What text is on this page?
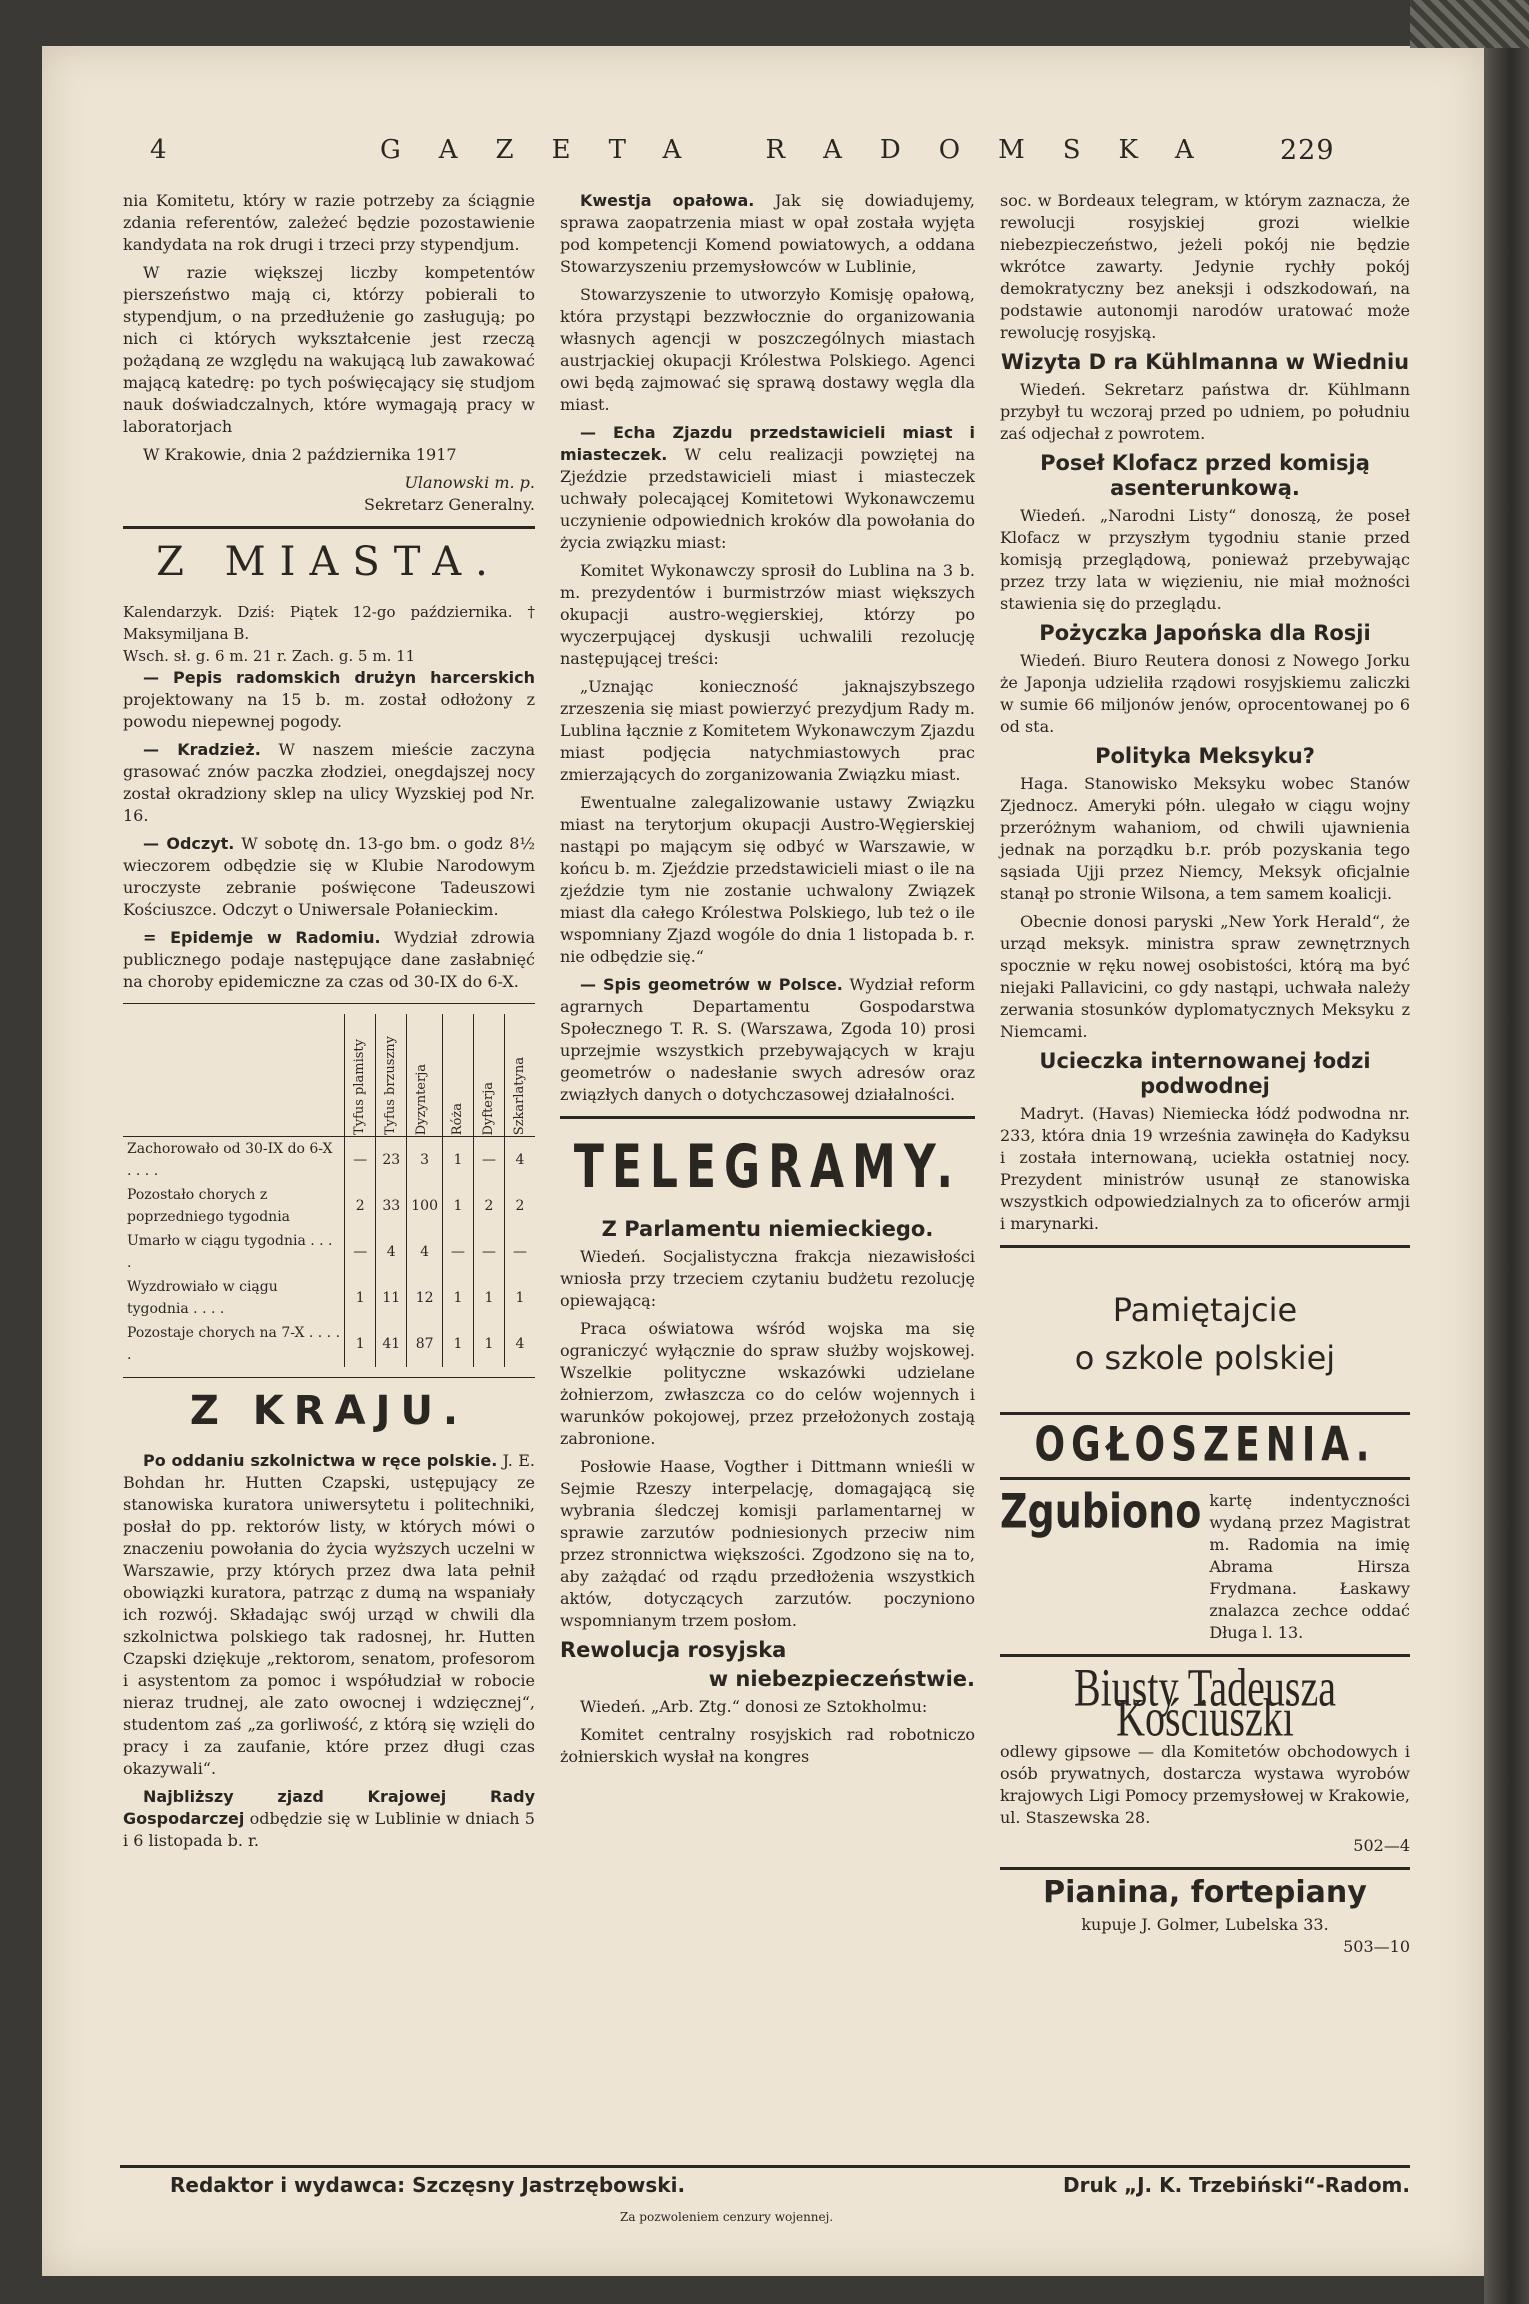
4	GAZETA RADOMSKA 229

nia Komitetu, który w razie potrzeby za ściągnie zdania referentów, zależeć będzie pozostawienie kandydata na rok drugi i trzeci przy stypendjum.

W razie większej liczby kompetentów pierszeństwo mają ci, którzy pobierali to stypendjum, o na przedłużenie go zasługują; po nich ci których wykształcenie jest rzeczą pożądaną ze względu na wakującą lub zawakować mającą katedrę: po tych poświęcający się studjom nauk doświadczalnych, które wymagają pracy w laboratorjach

W Krakowie, dnia 2 października 1917

Ulanowski m. p.
Sekretarz Generalny.
Z MIASTA.
Kalendarzyk. Dziś: Piątek 12-go października. † Maksymiljana B.
Wsch. sł. g. 6 m. 21 r. Zach. g. 5 m. 11

— Pepis radomskich drużyn harcerskich projektowany na 15 b. m. został odłożony z powodu niepewnej pogody.

— Kradzież. W naszem mieście zaczyna grasować znów paczka złodziei, onegdajszej nocy został okradziony sklep na ulicy Wyzskiej pod Nr. 16.

— Odczyt. W sobotę dn. 13-go bm. o godz 8½ wieczorem odbędzie się w Klubie Narodowym uroczyste zebranie poświęcone Tadeuszowi Kościuszce. Odczyt o Uniwersale Połanieckim.

= Epidemje w Radomiu. Wydział zdrowia publicznego podaje następujące dane zasłabnięć na choroby epidemiczne za czas od 30-IX do 6-X.

	Tyfus plamisty	Tyfus brzuszny	Dyzynterja	Róża	Dyfterja	Szkarlatyna

Zachorowało od 30-IX do 6-X . . . .	—	23	3	1	—	4
Pozostało chorych z poprzedniego tygodnia	2	33	100	1	2	2
Umarło w ciągu tygodnia . . . .	—	4	4	—	—	—
Wyzdrowiało w ciągu tygodnia . . . .	1	11	12	1	1	1
Pozostaje chorych na 7-X . . . . .	1	41	87	1	1	4
Z KRAJU.

Po oddaniu szkolnictwa w ręce polskie. J. E. Bohdan hr. Hutten Czapski, ustępujący ze stanowiska kuratora uniwersytetu i politechniki, posłał do pp. rektorów listy, w których mówi o znaczeniu powołania do życia wyższych uczelni w Warszawie, przy których przez dwa lata pełnił obowiązki kuratora, patrząc z dumą na wspaniały ich rozwój. Składając swój urząd w chwili dla szkolnictwa polskiego tak radosnej, hr. Hutten Czapski dziękuje „rektorom, senatom, profesorom i asystentom za pomoc i współudział w robocie nieraz trudnej, ale zato owocnej i wdzięcznej“, studentom zaś „za gorliwość, z którą się wzięli do pracy i za zaufanie, które przez długi czas okazywali“.

Najbliższy zjazd Krajowej Rady Gospodarczej odbędzie się w Lublinie w dniach 5 i 6 listopada b. r.

Kwestja opałowa. Jak się dowiadujemy, sprawa zaopatrzenia miast w opał została wyjęta pod kompetencji Komend powiatowych, a oddana Stowarzyszeniu przemysłowców w Lublinie,

Stowarzyszenie to utworzyło Komisję opałową, która przystąpi bezzwłocznie do organizowania własnych agencji w poszczególnych miastach austrjackiej okupacji Królestwa Polskiego. Agenci owi będą zajmować się sprawą dostawy węgla dla miast.

— Echa Zjazdu przedstawicieli miast i miasteczek. W celu realizacji powziętej na Zjeździe przedstawicieli miast i miasteczek uchwały polecającej Komitetowi Wykonawczemu uczynienie odpowiednich kroków dla powołania do życia związku miast:

Komitet Wykonawczy sprosił do Lublina na 3 b. m. prezydentów i burmistrzów miast większych okupacji austro-węgierskiej, którzy po wyczerpującej dyskusji uchwalili rezolucję następującej treści:

„Uznając konieczność jaknajszybszego zrzeszenia się miast powierzyć prezydjum Rady m. Lublina łącznie z Komitetem Wykonawczym Zjazdu miast podjęcia natychmiastowych prac zmierzających do zorganizowania Związku miast.

Ewentualne zalegalizowanie ustawy Związku miast na terytorjum okupacji Austro-Węgierskiej nastąpi po mającym się odbyć w Warszawie, w końcu b. m. Zjeździe przedstawicieli miast o ile na zjeździe tym nie zostanie uchwalony Związek miast dla całego Królestwa Polskiego, lub też o ile wspomniany Zjazd wogóle do dnia 1 listopada b. r. nie odbędzie się.“

— Spis geometrów w Polsce. Wydział reform agrarnych Departamentu Gospodarstwa Społecznego T. R. S. (Warszawa, Zgoda 10) prosi uprzejmie wszystkich przebywających w kraju geometrów o nadesłanie swych adresów oraz związłych danych o dotychczasowej działalności.

TELEGRAMY.
Z Parlamentu niemieckiego.

Wiedeń. Socjalistyczna frakcja niezawisłości wniosła przy trzeciem czytaniu budżetu rezolucję opiewającą:

Praca oświatowa wśród wojska ma się ograniczyć wyłącznie do spraw służby wojskowej. Wszelkie polityczne wskazówki udzielane żołnierzom, zwłaszcza co do celów wojennych i warunków pokojowej, przez przełożonych zostają zabronione.

Posłowie Haase, Vogther i Dittmann wnieśli w Sejmie Rzeszy interpelację, domagającą się wybrania śledczej komisji parlamentarnej w sprawie zarzutów podniesionych przeciw nim przez stronnictwa większości. Zgodzono się na to, aby zażądać od rządu przedłożenia wszystkich aktów, dotyczących zarzutów. poczyniono wspomnianym trzem posłom.

Rewolucja rosyjska
w niebezpieczeństwie.

Wiedeń. „Arb. Ztg.“ donosi ze Sztokholmu:

Komitet centralny rosyjskich rad robotniczo żołnierskich wysłał na kongres

soc. w Bordeaux telegram, w którym zaznacza, że rewolucji rosyjskiej grozi wielkie niebezpieczeństwo, jeżeli pokój nie będzie wkrótce zawarty. Jedynie rychły pokój demokratyczny bez aneksji i odszkodowań, na podstawie autonomji narodów uratować może rewolucję rosyjską.

Wizyta D ra Kühlmanna w Wiedniu

Wiedeń. Sekretarz państwa dr. Kühlmann przybył tu wczoraj przed po udniem, po południu zaś odjechał z powrotem.

Poseł Klofacz przed komisją asenterunkową.

Wiedeń. „Narodni Listy“ donoszą, że poseł Klofacz w przyszłym tygodniu stanie przed komisją przeglądową, ponieważ przebywając przez trzy lata w więzieniu, nie miał możności stawienia się do przeglądu.

Pożyczka Japońska dla Rosji

Wiedeń. Biuro Reutera donosi z Nowego Jorku że Japonja udzieliła rządowi rosyjskiemu zaliczki w sumie 66 miljonów jenów, oprocentowanej po 6 od sta.

Polityka Meksyku?

Haga. Stanowisko Meksyku wobec Stanów Zjednocz. Ameryki półn. ulegało w ciągu wojny przeróżnym wahaniom, od chwili ujawnienia jednak na porządku b.r. prób pozyskania tego sąsiada Ujji przez Niemcy, Meksyk oficjalnie stanął po stronie Wilsona, a tem samem koalicji.

Obecnie donosi paryski „New York Herald“, że urząd meksyk. ministra spraw zewnętrznych spocznie w ręku nowej osobistości, którą ma być niejaki Pallavicini, co gdy nastąpi, uchwała należy zerwania stosunków dyplomatycznych Meksyku z Niemcami.

Ucieczka internowanej łodzi podwodnej

Madryt. (Havas) Niemiecka łódź podwodna nr. 233, która dnia 19 września zawinęła do Kadyksu i została internowaną, uciekła ostatniej nocy. Prezydent ministrów usunął ze stanowiska wszystkich odpowiedzialnych za to oficerów armji i marynarki.

Pamiętajcie
o szkole polskiej
OGŁOSZENIA.
Zgubiono kartę indentyczności wydaną przez Magistrat m. Radomia na imię Abrama Hirsza Frydmana. Łaskawy znalazca zechce oddać Długa l. 13.
Biusty Tadeusza Kościuszki

odlewy gipsowe — dla Komitetów obchodowych i osób prywatnych, dostarcza wystawa wyrobów krajowych Ligi Pomocy przemysłowej w Krakowie, ul. Staszewska 28.

502—4
Pianina, fortepiany
kupuje J. Golmer, Lubelska 33.
503—10
Redaktor i wydawca: Szczęsny Jastrzębowski.	Druk „J. K. Trzebiński“-Radom.
Za pozwoleniem cenzury wojennej.
